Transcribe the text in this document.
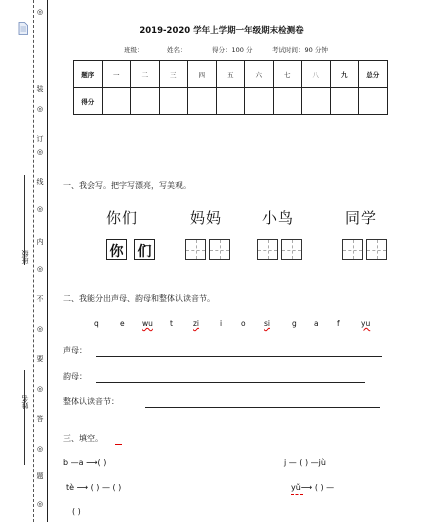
◎
装
◎
订
◎
线
◎
内
◎
不
◎
要
◎
答
◎
题
◎
班级
姓名
2019-2020 学年上学期一年级期末检测卷
班级：	姓名：	得分：100 分	考试时间：90 分钟
题序	一	二	三	四	五	六	七	八	九	总分
得分										
一、我会写。把字写漂亮，写美观。
你们	妈妈	小鸟	同学
你 们
二、我能分出声母、韵母和整体认读音节。
q	e wu t	zi	i	o si	g a f	yu
声母：
韵母：
整体认读音节：
三、填空。
b —a ⟶( )	j — ( ) —jù
tè ⟶ ( ) — ( )	yǔ⟶ ( ) —
( )
